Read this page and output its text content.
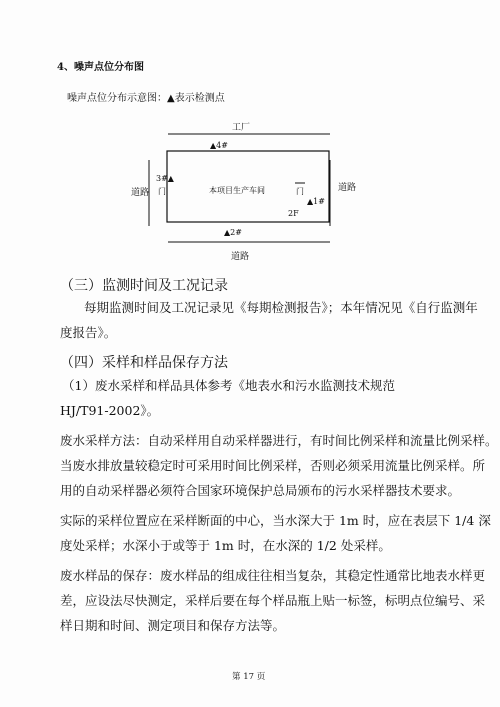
4、噪声点位分布图
噪声点位分布示意图：▲表示检测点
工厂
▲4#
3#▲
门	本项目生产车间	门
▲1#
2F
▲2#
道路	道路
道路
（三）监测时间及工况记录
每期监测时间及工况记录见《每期检测报告》；本年情况见《自行监测年
度报告》。
（四）采样和样品保存方法
（1）废水采样和样品具体参考《地表水和污水监测技术规范
HJ/T91-2002》。
废水采样方法：自动采样用自动采样器进行，有时间比例采样和流量比例采样。
当废水排放量较稳定时可采用时间比例采样，否则必须采用流量比例采样。所
用的自动采样器必须符合国家环境保护总局颁布的污水采样器技术要求。
实际的采样位置应在采样断面的中心，当水深大于 1m 时，应在表层下 1/4 深
度处采样；水深小于或等于 1m 时，在水深的 1/2 处采样。
废水样品的保存：废水样品的组成往往相当复杂，其稳定性通常比地表水样更
差，应设法尽快测定，采样后要在每个样品瓶上贴一标签，标明点位编号、采
样日期和时间、测定项目和保存方法等。
第 17 页
